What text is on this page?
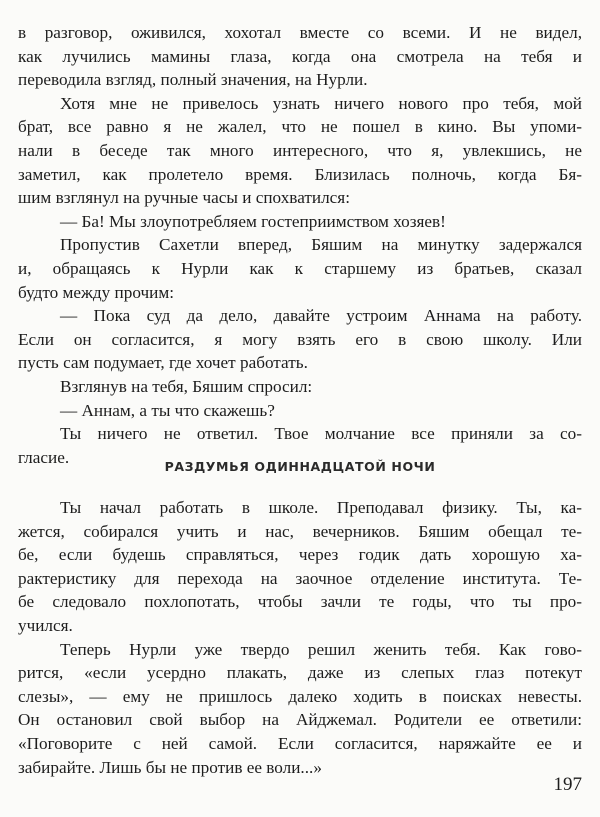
в разговор, оживился, хохотал вместе со всеми. И не видел,
как лучились мамины глаза, когда она смотрела на тебя и
переводила взгляд, полный значения, на Нурли.
Хотя мне не привелось узнать ничего нового про тебя, мой
брат, все равно я не жалел, что не пошел в кино. Вы упоми-
нали в беседе так много интересного, что я, увлекшись, не
заметил, как пролетело время. Близилась полночь, когда Бя-
шим взглянул на ручные часы и спохватился:
— Ба! Мы злоупотребляем гостеприимством хозяев!
Пропустив Сахетли вперед, Бяшим на минутку задержался
и, обращаясь к Нурли как к старшему из братьев, сказал
будто между прочим:
— Пока суд да дело, давайте устроим Аннама на работу.
Если он согласится, я могу взять его в свою школу. Или
пусть сам подумает, где хочет работать.
Взглянув на тебя, Бяшим спросил:
— Аннам, а ты что скажешь?
Ты ничего не ответил. Твое молчание все приняли за со-
гласие.	РАЗДУМЬЯ ОДИННАДЦАТОЙ НОЧИ
Ты начал работать в школе. Преподавал физику. Ты, ка-
жется, собирался учить и нас, вечерников. Бяшим обещал те-
бе, если будешь справляться, через годик дать хорошую ха-
рактеристику для перехода на заочное отделение института. Те-
бе следовало похлопотать, чтобы зачли те годы, что ты про-
учился.
Теперь Нурли уже твердо решил женить тебя. Как гово-
рится, «если усердно плакать, даже из слепых глаз потекут
слезы», — ему не пришлось далеко ходить в поисках невесты.
Он остановил свой выбор на Айджемал. Родители ее ответили:
«Поговорите с ней самой. Если согласится, наряжайте ее и
забирайте. Лишь бы не против ее воли...»
197
